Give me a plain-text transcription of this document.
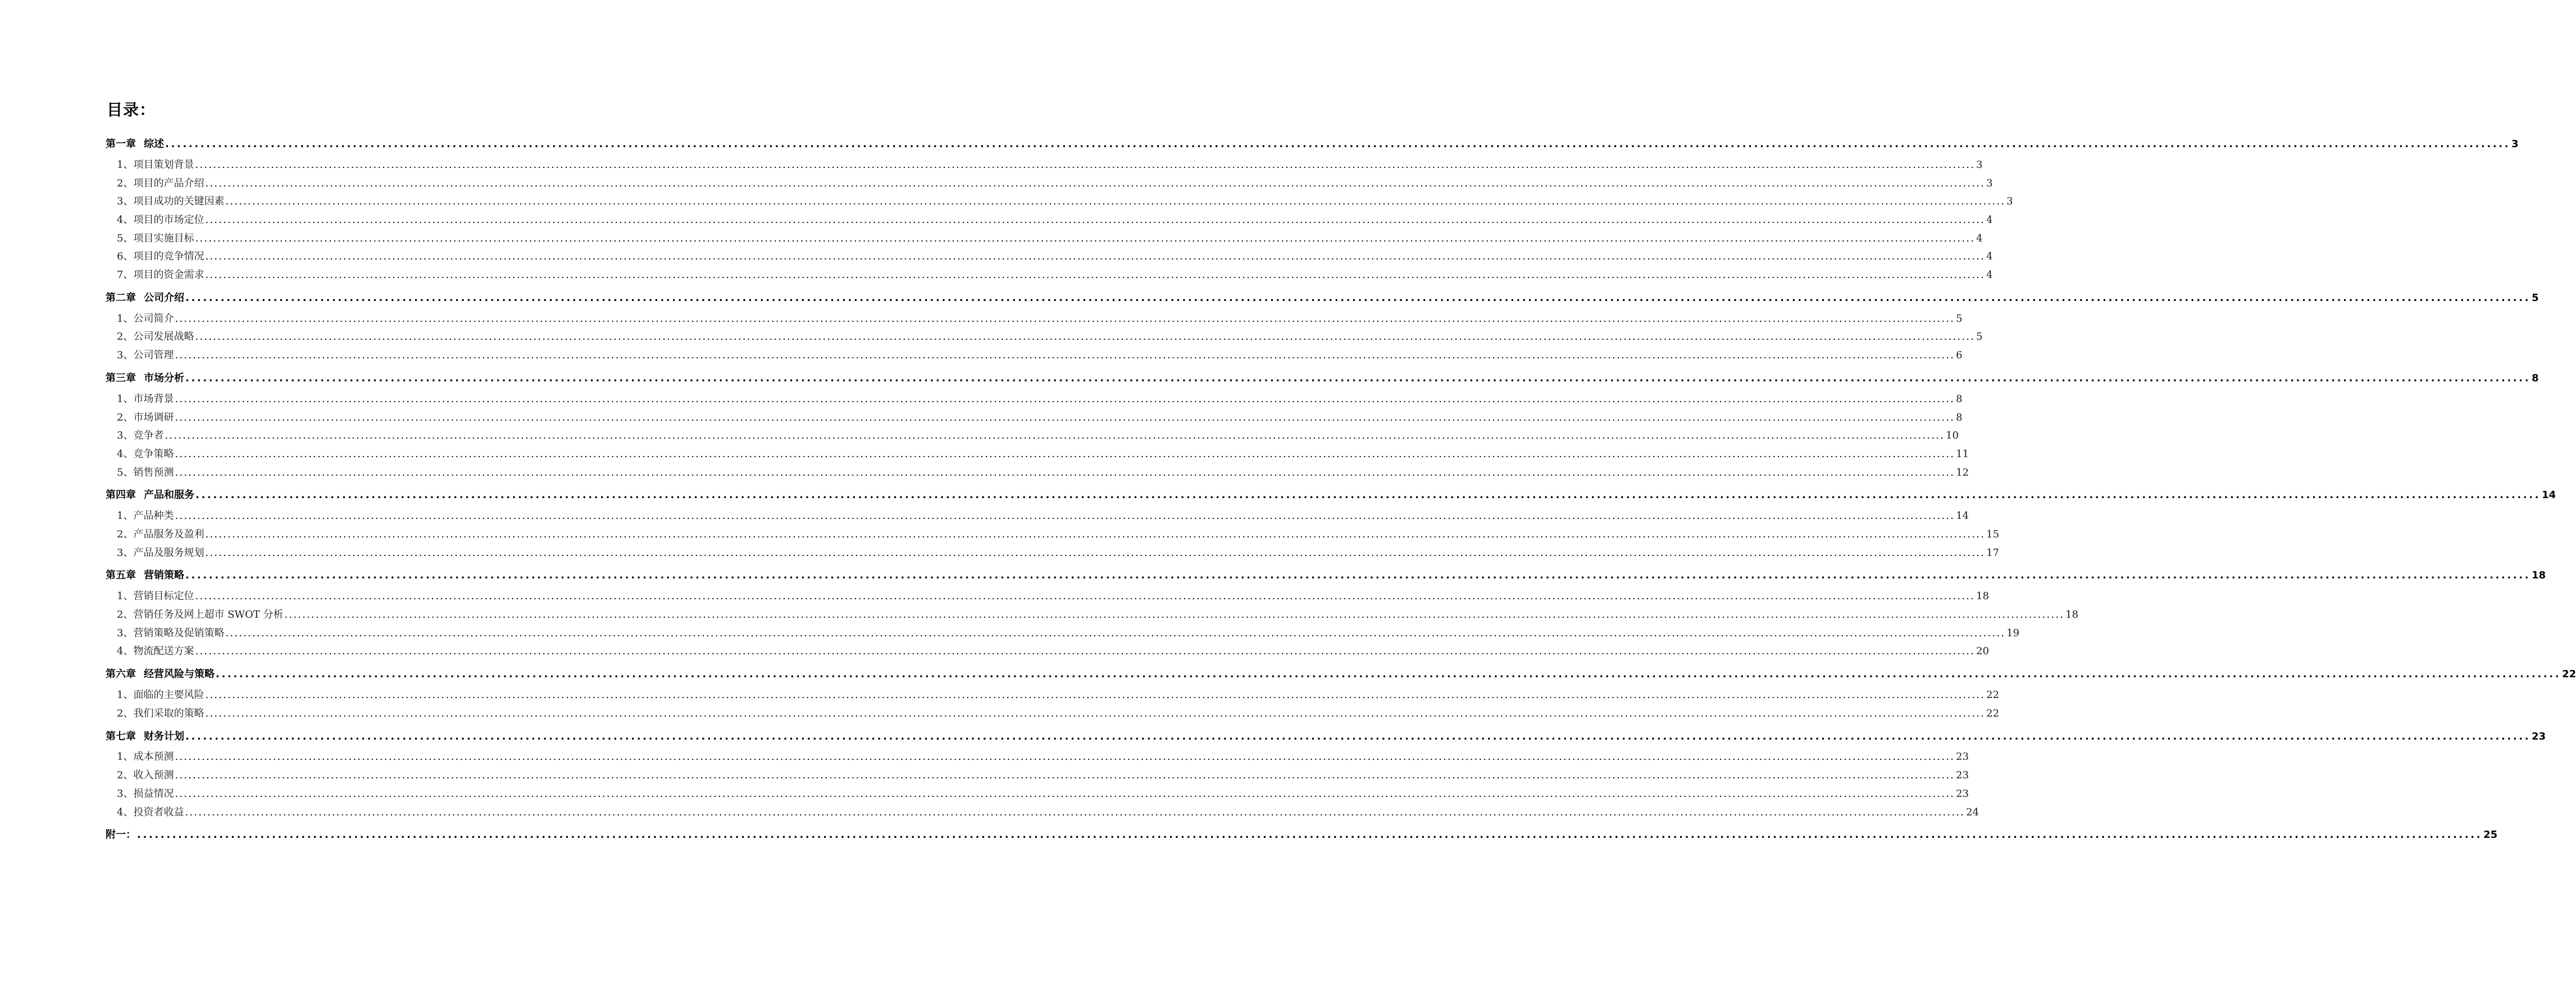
目录：
第一章 综述 ................................................................................................................................................................................................................................................................................................................................................................................................................ 3
1、项目策划背景 ................................................................................................................................................................................................................................................................................................................................................................................................................ 3
2、项目的产品介绍 ................................................................................................................................................................................................................................................................................................................................................................................................................ 3
3、项目成功的关键因素 ................................................................................................................................................................................................................................................................................................................................................................................................................ 3
4、项目的市场定位 ................................................................................................................................................................................................................................................................................................................................................................................................................ 4
5、项目实施目标 ................................................................................................................................................................................................................................................................................................................................................................................................................ 4
6、项目的竞争情况 ................................................................................................................................................................................................................................................................................................................................................................................................................ 4
7、项目的资金需求 ................................................................................................................................................................................................................................................................................................................................................................................................................ 4
第二章 公司介绍 ................................................................................................................................................................................................................................................................................................................................................................................................................ 5
1、公司简介 ................................................................................................................................................................................................................................................................................................................................................................................................................ 5
2、公司发展战略 ................................................................................................................................................................................................................................................................................................................................................................................................................ 5
3、公司管理 ................................................................................................................................................................................................................................................................................................................................................................................................................ 6
第三章 市场分析 ................................................................................................................................................................................................................................................................................................................................................................................................................ 8
1、市场背景 ................................................................................................................................................................................................................................................................................................................................................................................................................ 8
2、市场调研 ................................................................................................................................................................................................................................................................................................................................................................................................................ 8
3、竞争者 ................................................................................................................................................................................................................................................................................................................................................................................................................ 10
4、竞争策略 ................................................................................................................................................................................................................................................................................................................................................................................................................ 11
5、销售预测 ................................................................................................................................................................................................................................................................................................................................................................................................................ 12
第四章 产品和服务 ................................................................................................................................................................................................................................................................................................................................................................................................................ 14
1、产品种类 ................................................................................................................................................................................................................................................................................................................................................................................................................ 14
2、产品服务及盈利 ................................................................................................................................................................................................................................................................................................................................................................................................................ 15
3、产品及服务规划 ................................................................................................................................................................................................................................................................................................................................................................................................................ 17
第五章 营销策略 ................................................................................................................................................................................................................................................................................................................................................................................................................ 18
1、营销目标定位 ................................................................................................................................................................................................................................................................................................................................................................................................................ 18
2、营销任务及网上超市 SWOT 分析 ................................................................................................................................................................................................................................................................................................................................................................................................................ 18
3、营销策略及促销策略 ................................................................................................................................................................................................................................................................................................................................................................................................................ 19
4、物流配送方案 ................................................................................................................................................................................................................................................................................................................................................................................................................ 20
第六章 经营风险与策略 ................................................................................................................................................................................................................................................................................................................................................................................................................ 22
1、面临的主要风险 ................................................................................................................................................................................................................................................................................................................................................................................................................ 22
2、我们采取的策略 ................................................................................................................................................................................................................................................................................................................................................................................................................ 22
第七章 财务计划 ................................................................................................................................................................................................................................................................................................................................................................................................................ 23
1、成本预测 ................................................................................................................................................................................................................................................................................................................................................................................................................ 23
2、收入预测 ................................................................................................................................................................................................................................................................................................................................................................................................................ 23
3、损益情况 ................................................................................................................................................................................................................................................................................................................................................................................................................ 23
4、投资者收益 ................................................................................................................................................................................................................................................................................................................................................................................................................ 24
附一： ................................................................................................................................................................................................................................................................................................................................................................................................................ 25
